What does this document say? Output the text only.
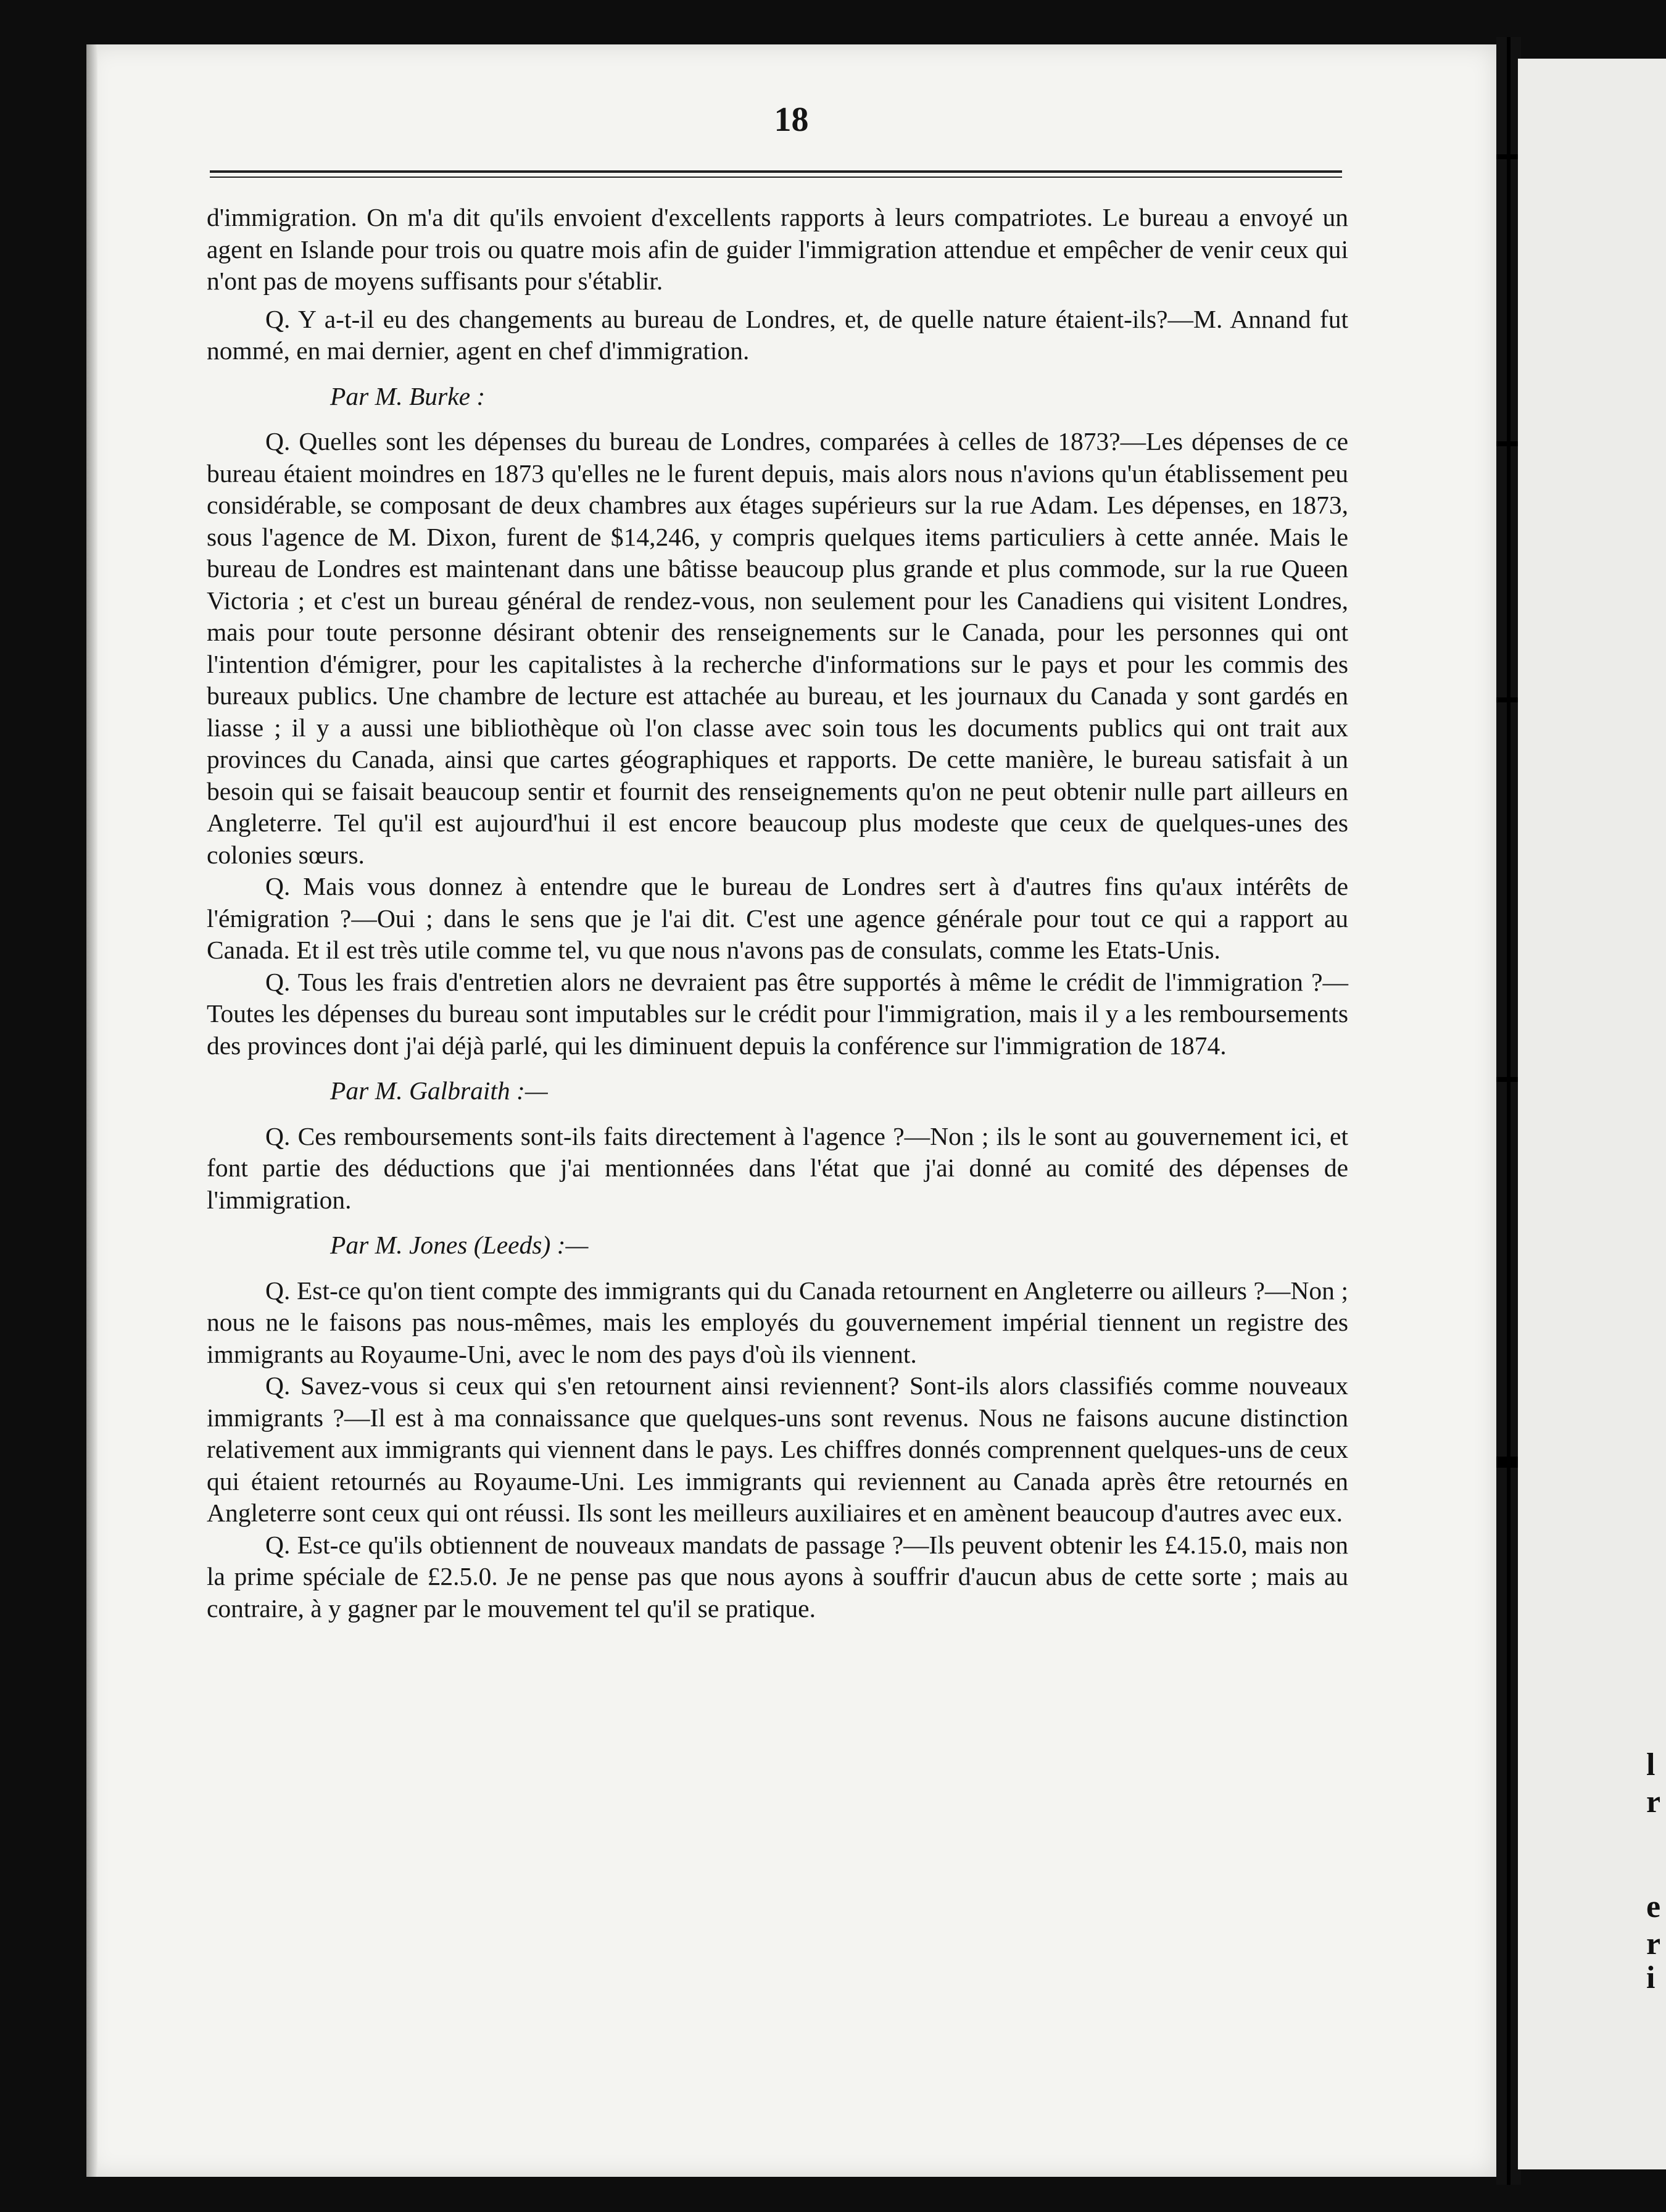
l
r
e
r
i
18

d'immigration. On m'a dit qu'ils envoient d'excellents rapports à leurs compatriotes. Le bureau a envoyé un agent en Islande pour trois ou quatre mois afin de guider l'immigration attendue et empêcher de venir ceux qui n'ont pas de moyens suffisants pour s'établir.

Q. Y a-t-il eu des changements au bureau de Londres, et, de quelle nature étaient-ils?—M. Annand fut nommé, en mai dernier, agent en chef d'immigration.

Par M. Burke :

Q. Quelles sont les dépenses du bureau de Londres, comparées à celles de 1873?—Les dépenses de ce bureau étaient moindres en 1873 qu'elles ne le furent depuis, mais alors nous n'avions qu'un établissement peu considérable, se composant de deux chambres aux étages supérieurs sur la rue Adam. Les dépenses, en 1873, sous l'agence de M. Dixon, furent de $14,246, y compris quelques items particuliers à cette année. Mais le bureau de Londres est maintenant dans une bâtisse beaucoup plus grande et plus commode, sur la rue Queen Victoria ; et c'est un bureau général de rendez-vous, non seulement pour les Canadiens qui visitent Londres, mais pour toute personne désirant obtenir des renseignements sur le Canada, pour les personnes qui ont l'intention d'émigrer, pour les capitalistes à la recherche d'informations sur le pays et pour les commis des bureaux publics. Une chambre de lecture est attachée au bureau, et les journaux du Canada y sont gardés en liasse ; il y a aussi une bibliothèque où l'on classe avec soin tous les documents publics qui ont trait aux provinces du Canada, ainsi que cartes géographiques et rapports. De cette manière, le bureau satisfait à un besoin qui se faisait beaucoup sentir et fournit des renseignements qu'on ne peut obtenir nulle part ailleurs en Angleterre. Tel qu'il est aujourd'hui il est encore beaucoup plus modeste que ceux de quelques-unes des colonies sœurs.

Q. Mais vous donnez à entendre que le bureau de Londres sert à d'autres fins qu'aux intérêts de l'émigration ?—Oui ; dans le sens que je l'ai dit. C'est une agence générale pour tout ce qui a rapport au Canada. Et il est très utile comme tel, vu que nous n'avons pas de consulats, comme les Etats-Unis.

Q. Tous les frais d'entretien alors ne devraient pas être supportés à même le crédit de l'immigration ?—Toutes les dépenses du bureau sont imputables sur le crédit pour l'immigration, mais il y a les remboursements des provinces dont j'ai déjà parlé, qui les diminuent depuis la conférence sur l'immigration de 1874.

Par M. Galbraith :—

Q. Ces remboursements sont-ils faits directement à l'agence ?—Non ; ils le sont au gouvernement ici, et font partie des déductions que j'ai mentionnées dans l'état que j'ai donné au comité des dépenses de l'immigration.

Par M. Jones (Leeds) :—

Q. Est-ce qu'on tient compte des immigrants qui du Canada retournent en Angleterre ou ailleurs ?—Non ; nous ne le faisons pas nous-mêmes, mais les employés du gouvernement impérial tiennent un registre des immigrants au Royaume-Uni, avec le nom des pays d'où ils viennent.

Q. Savez-vous si ceux qui s'en retournent ainsi reviennent? Sont-ils alors classifiés comme nouveaux immigrants ?—Il est à ma connaissance que quelques-uns sont revenus. Nous ne faisons aucune distinction relativement aux immigrants qui viennent dans le pays. Les chiffres donnés comprennent quelques-uns de ceux qui étaient retournés au Royaume-Uni. Les immigrants qui reviennent au Canada après être retournés en Angleterre sont ceux qui ont réussi. Ils sont les meilleurs auxiliaires et en amènent beaucoup d'autres avec eux.

Q. Est-ce qu'ils obtiennent de nouveaux mandats de passage ?—Ils peuvent obtenir les £4.15.0, mais non la prime spéciale de £2.5.0. Je ne pense pas que nous ayons à souffrir d'aucun abus de cette sorte ; mais au contraire, à y gagner par le mouvement tel qu'il se pratique.
